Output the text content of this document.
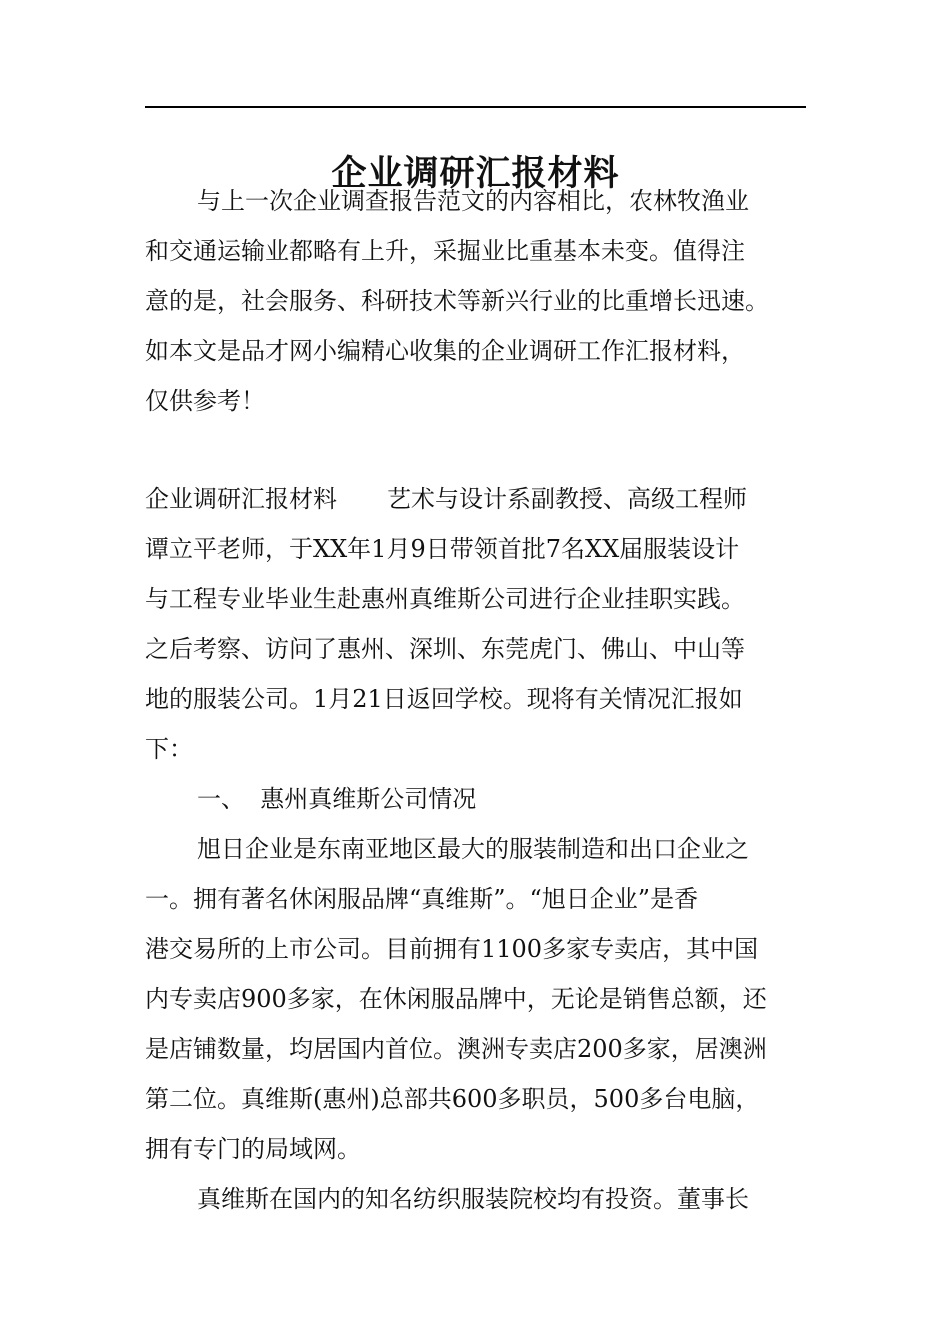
企业调研汇报材料

与上一次企业调查报告范文的内容相比，农林牧渔业
和交通运输业都略有上升，采掘业比重基本未变。值得注
意的是，社会服务、科研技术等新兴行业的比重增长迅速。
如本文是品才网小编精心收集的企业调研工作汇报材料，
仅供参考！

企业调研汇报材料 艺术与设计系副教授、高级工程师
谭立平老师，于XX年1月9日带领首批7名XX届服装设计
与工程专业毕业生赴惠州真维斯公司进行企业挂职实践。
之后考察、访问了惠州、深圳、东莞虎门、佛山、中山等
地的服装公司。1月21日返回学校。现将有关情况汇报如
下：

一、  惠州真维斯公司情况

旭日企业是东南亚地区最大的服装制造和出口企业之
一。拥有著名休闲服品牌“真维斯”。“旭日企业”是香
港交易所的上市公司。目前拥有1100多家专卖店，其中国
内专卖店900多家，在休闲服品牌中，无论是销售总额，还
是店铺数量，均居国内首位。澳洲专卖店200多家，居澳洲
第二位。真维斯(惠州)总部共600多职员，500多台电脑，
拥有专门的局域网。

真维斯在国内的知名纺织服装院校均有投资。董事长
